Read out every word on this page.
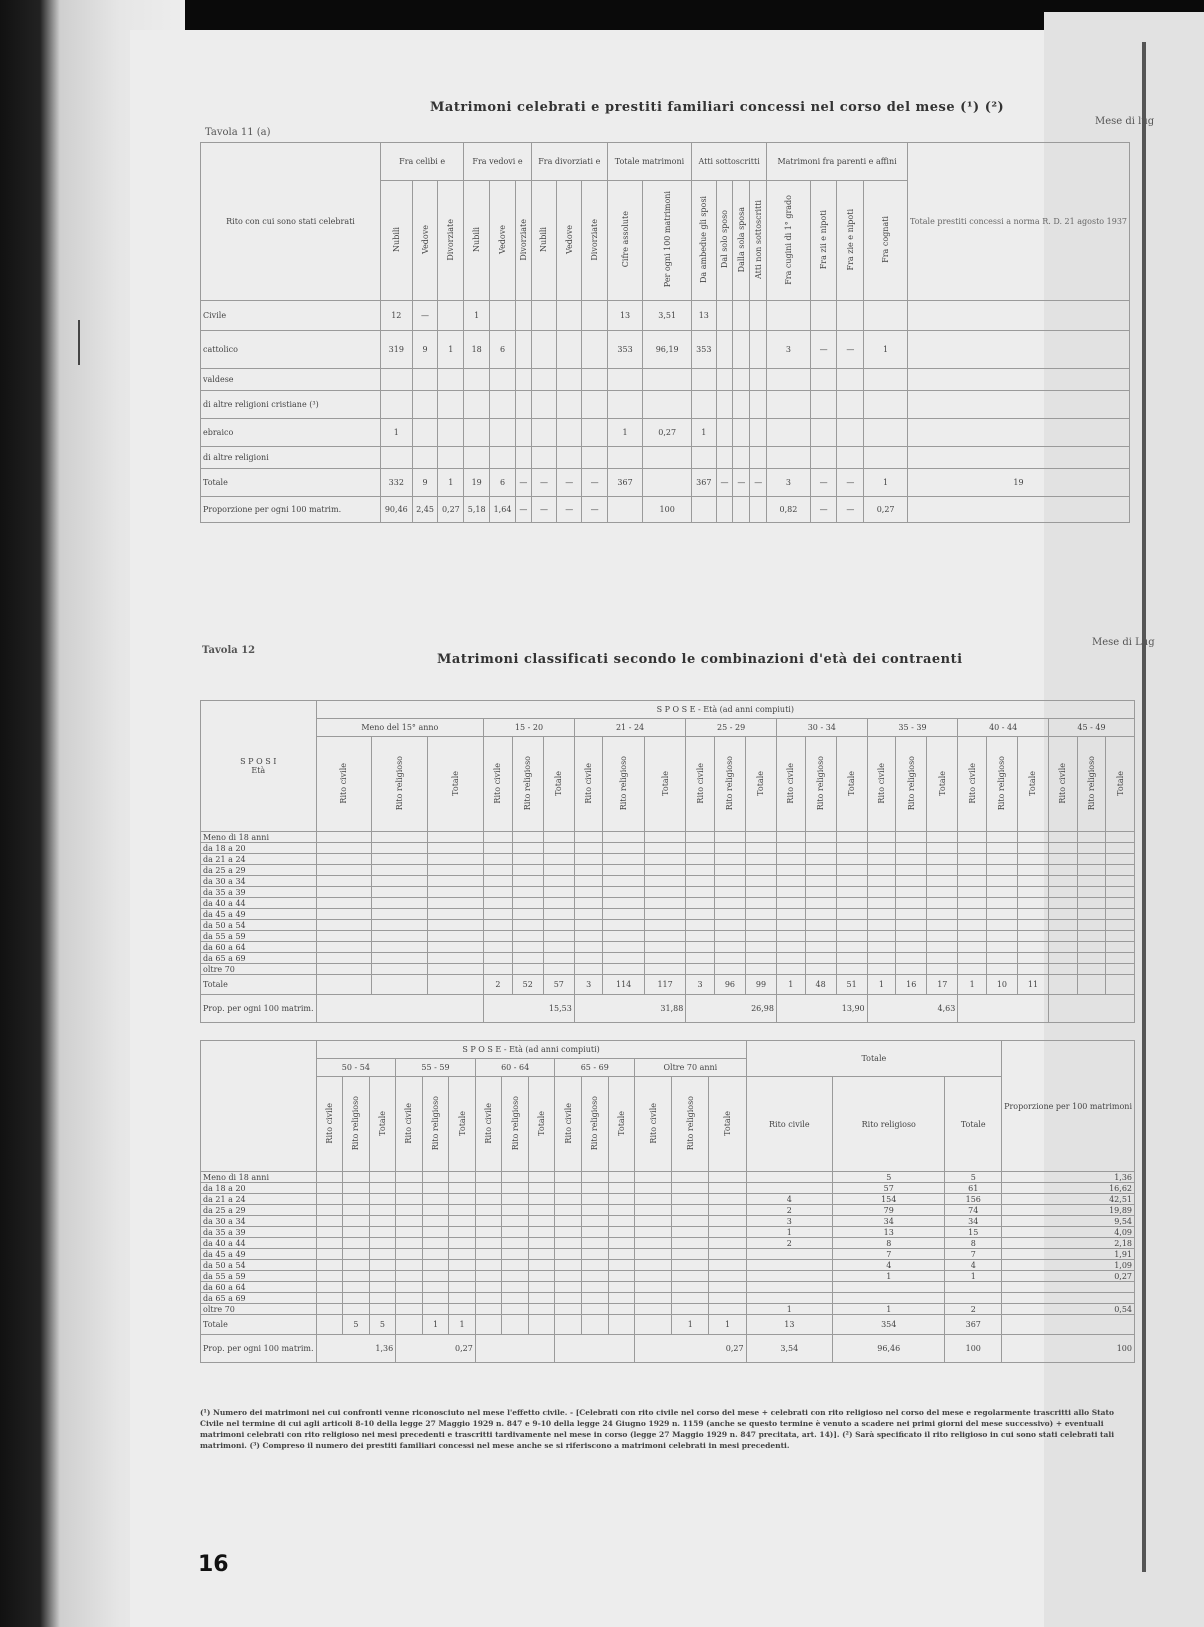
Tavola 11 (a)
Matrimoni celebrati e prestiti familiari concessi nel corso del mese (¹) (²)
Mese di lug
Rito con cui sono stati celebrati	Fra celibi e			Fra vedovi e			Fra divorziati e			Totale matrimoni		Atti sottoscritti				Matrimoni fra parenti e affini				Totale prestiti concessi a norma R. D. 21 agosto 1937
	Nubili	Vedove	Divorziate	Nubili	Vedove	Divorziate	Nubili	Vedove	Divorziate	Cifre assolute	Per ogni 100 matrimoni	Da ambedue gli sposi	Dal solo sposo	Dalla sola sposa	Atti non sottoscritti	Fra cugini di 1° grado	Fra zii e nipoti	Fra zie e nipoti	Fra cognati	
Civile	12	—		1						13	3,51	13								
cattolico	319	9	1	18	6					353	96,19	353				3	—	—	1	
valdese																				
di altre religioni cristiane (³)																				
ebraico	1									1	0,27	1								
di altre religioni																				
Totale	332	9	1	19	6	—	—	—	—	367		367	—	—	—	3	—	—	1	19
Proporzione per ogni 100 matrim.	90,46	2,45	0,27	5,18	1,64	—	—	—	—		100					0,82	—	—	0,27	
Tavola 12
Matrimoni classificati secondo le combinazioni d'età dei contraenti
Mese di Lug
S P O S I
Età	S P O S E - Età (ad anni compiuti)																							
	Meno del 15° anno			15 - 20			21 - 24			25 - 29			30 - 34			35 - 39			40 - 44			45 - 49		
	Rito civile	Rito religioso	Totale	Rito civile	Rito religioso	Totale	Rito civile	Rito religioso	Totale	Rito civile	Rito religioso	Totale	Rito civile	Rito religioso	Totale	Rito civile	Rito religioso	Totale	Rito civile	Rito religioso	Totale	Rito civile	Rito religioso	Totale
Meno di 18 anni																								
da 18 a 20																								
da 21 a 24																								
da 25 a 29																								
da 30 a 34																								
da 35 a 39																								
da 40 a 44																								
da 45 a 49																								
da 50 a 54																								
da 55 a 59																								
da 60 a 64																								
da 65 a 69																								
oltre 70																								
Totale				2	52	57	3	114	117	3	96	99	1	48	51	1	16	17	1	10	11			
Prop. per ogni 100 matrim.				15,53			31,88			26,98			13,90			4,63								
	S P O S E - Età (ad anni compiuti)															Totale			Proporzione per 100 matrimoni
	50 - 54			55 - 59			60 - 64			65 - 69			Oltre 70 anni						
	Rito civile	Rito religioso	Totale	Rito civile	Rito religioso	Totale	Rito civile	Rito religioso	Totale	Rito civile	Rito religioso	Totale	Rito civile	Rito religioso	Totale	Rito civile	Rito religioso	Totale	
Meno di 18 anni																	5	5	1,36
da 18 a 20																	57	61	16,62
da 21 a 24																4	154	156	42,51
da 25 a 29																2	79	74	19,89
da 30 a 34																3	34	34	9,54
da 35 a 39																1	13	15	4,09
da 40 a 44																2	8	8	2,18
da 45 a 49																	7	7	1,91
da 50 a 54																	4	4	1,09
da 55 a 59																	1	1	0,27
da 60 a 64																			
da 65 a 69																			
oltre 70																1	1	2	0,54
Totale		5	5		1	1								1	1	13	354	367	
Prop. per ogni 100 matrim.	1,36			0,27									0,27			3,54	96,46	100	100
(¹) Numero dei matrimoni nei cui confronti venne riconosciuto nel mese l'effetto civile. - [Celebrati con rito civile nel corso del mese + celebrati con rito religioso nel corso del mese e regolarmente trascritti allo Stato Civile nel termine di cui agli articoli 8-10 della legge 27 Maggio 1929 n. 847 e 9-10 della legge 24 Giugno 1929 n. 1159 (anche se questo termine è venuto a scadere nei primi giorni del mese successivo) + eventuali matrimoni celebrati con rito religioso nei mesi precedenti e trascritti tardivamente nel mese in corso (legge 27 Maggio 1929 n. 847 precitata, art. 14)]. (²) Sarà specificato il rito religioso in cui sono stati celebrati tali matrimoni. (³) Compreso il numero dei prestiti familiari concessi nel mese anche se si riferiscono a matrimoni celebrati in mesi precedenti.
16
